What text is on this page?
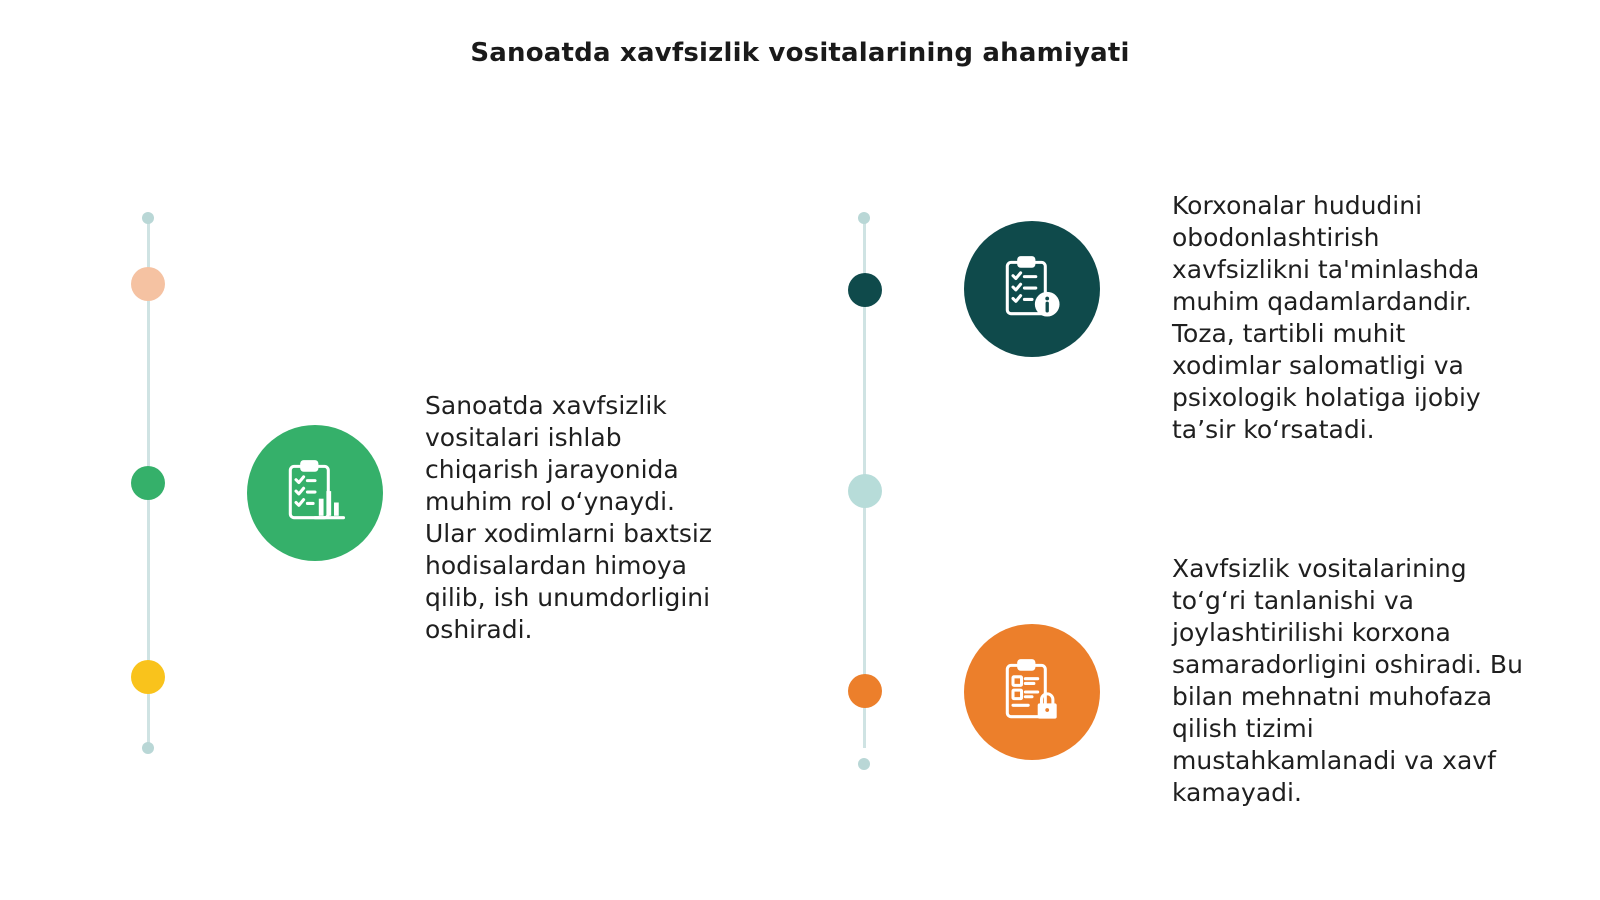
Sanoatda xavfsizlik vositalarining ahamiyati
Sanoatda xavfsizlik
vositalari ishlab
chiqarish jarayonida
muhim rol o‘ynaydi.
Ular xodimlarni baxtsiz
hodisalardan himoya
qilib, ish unumdorligini
oshiradi.
Korxonalar hududini
obodonlashtirish
xavfsizlikni ta'minlashda
muhim qadamlardandir.
Toza, tartibli muhit
xodimlar salomatligi va
psixologik holatiga ijobiy
ta’sir ko‘rsatadi.
Xavfsizlik vositalarining
to‘g‘ri tanlanishi va
joylashtirilishi korxona
samaradorligini oshiradi. Bu
bilan mehnatni muhofaza
qilish tizimi
mustahkamlanadi va xavf
kamayadi.
